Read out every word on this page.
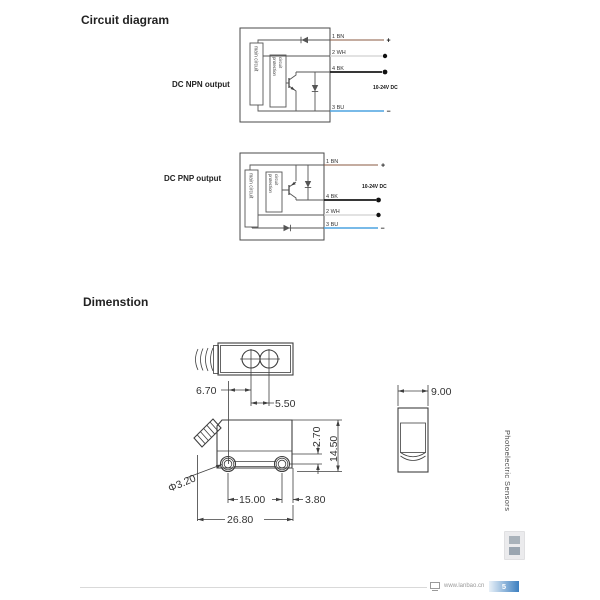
Circuit diagram
DC NPN output
main circuit	protection circuit
+
−
1 BN
2 WH
4 BK
3 BU
10-24V DC
DC PNP output	main circuit	protection circuit
+
−
1 BN
4 BK
2 WH
3 BU
10-24V DC
Dimenstion
6.70
5.50
Φ3.20
2.70 14.50
15.00	3.80
26.80
9.00
Photoelectric Sensors
www.lanbao.cn	5
